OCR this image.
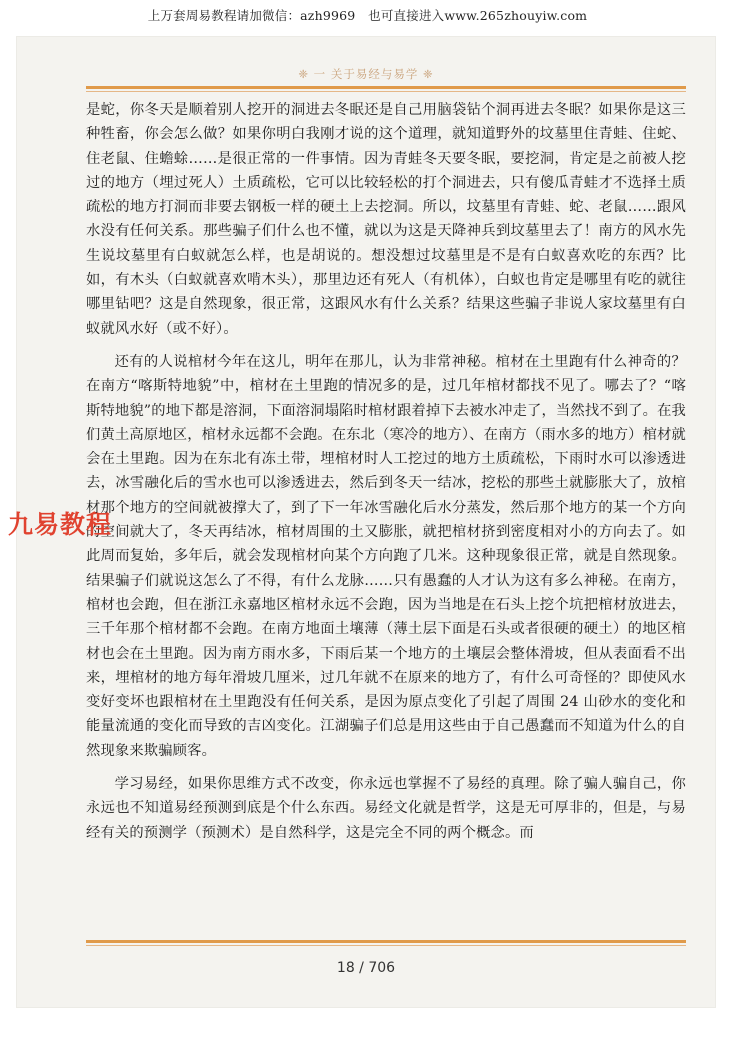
上万套周易教程请加微信：azh9969　也可直接进入www.265zhouyiw.com
❈ 一 关于易经与易学 ❈

是蛇，你冬天是顺着别人挖开的洞进去冬眠还是自己用脑袋钻个洞再进去冬眠？如果你是这三种牲畜，你会怎么做？如果你明白我刚才说的这个道理，就知道野外的坟墓里住青蛙、住蛇、住老鼠、住蟾蜍……是很正常的一件事情。因为青蛙冬天要冬眠，要挖洞，肯定是之前被人挖过的地方（埋过死人）土质疏松，它可以比较轻松的打个洞进去，只有傻瓜青蛙才不选择土质疏松的地方打洞而非要去钢板一样的硬土上去挖洞。所以，坟墓里有青蛙、蛇、老鼠……跟风水没有任何关系。那些骗子们什么也不懂，就以为这是天降神兵到坟墓里去了！南方的风水先生说坟墓里有白蚁就怎么样，也是胡说的。想没想过坟墓里是不是有白蚁喜欢吃的东西？比如，有木头（白蚁就喜欢啃木头），那里边还有死人（有机体），白蚁也肯定是哪里有吃的就往哪里钻吧？这是自然现象，很正常，这跟风水有什么关系？结果这些骗子非说人家坟墓里有白蚁就风水好（或不好）。

还有的人说棺材今年在这儿，明年在那儿，认为非常神秘。棺材在土里跑有什么神奇的？在南方“喀斯特地貌”中，棺材在土里跑的情况多的是，过几年棺材都找不见了。哪去了？“喀斯特地貌”的地下都是溶洞，下面溶洞塌陷时棺材跟着掉下去被水冲走了，当然找不到了。在我们黄土高原地区，棺材永远都不会跑。在东北（寒冷的地方）、在南方（雨水多的地方）棺材就会在土里跑。因为在东北有冻土带，埋棺材时人工挖过的地方土质疏松，下雨时水可以渗透进去，冰雪融化后的雪水也可以渗透进去，然后到冬天一结冰，挖松的那些土就膨胀大了，放棺材那个地方的空间就被撑大了，到了下一年冰雪融化后水分蒸发，然后那个地方的某一个方向的空间就大了，冬天再结冰，棺材周围的土又膨胀，就把棺材挤到密度相对小的方向去了。如此周而复始，多年后，就会发现棺材向某个方向跑了几米。这种现象很正常，就是自然现象。结果骗子们就说这怎么了不得，有什么龙脉……只有愚蠢的人才认为这有多么神秘。在南方，棺材也会跑，但在浙江永嘉地区棺材永远不会跑，因为当地是在石头上挖个坑把棺材放进去，三千年那个棺材都不会跑。在南方地面土壤薄（薄土层下面是石头或者很硬的硬土）的地区棺材也会在土里跑。因为南方雨水多，下雨后某一个地方的土壤层会整体滑坡，但从表面看不出来，埋棺材的地方每年滑坡几厘米，过几年就不在原来的地方了，有什么可奇怪的？即使风水变好变坏也跟棺材在土里跑没有任何关系，是因为原点变化了引起了周围 24 山砂水的变化和能量流通的变化而导致的吉凶变化。江湖骗子们总是用这些由于自己愚蠢而不知道为什么的自然现象来欺骗顾客。

学习易经，如果你思维方式不改变，你永远也掌握不了易经的真理。除了骗人骗自己，你永远也不知道易经预测到底是个什么东西。易经文化就是哲学，这是无可厚非的，但是，与易经有关的预测学（预测术）是自然科学，这是完全不同的两个概念。而

18 / 706
九易教程
